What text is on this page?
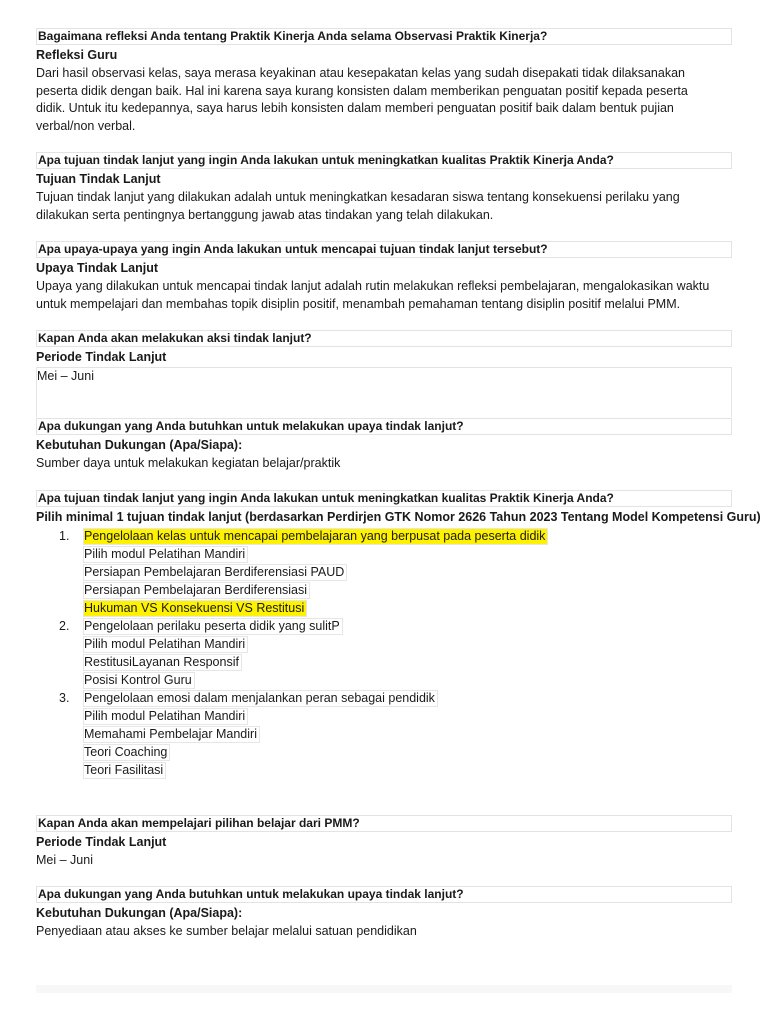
Bagaimana refleksi Anda tentang Praktik Kinerja Anda selama Observasi Praktik Kinerja?
Refleksi Guru
Dari hasil observasi kelas, saya merasa keyakinan atau kesepakatan kelas yang sudah disepakati tidak dilaksanakan
peserta didik dengan baik. Hal ini karena saya kurang konsisten dalam memberikan penguatan positif kepada peserta
didik. Untuk itu kedepannya, saya harus lebih konsisten dalam memberi penguatan positif baik dalam bentuk pujian
verbal/non verbal.
Apa tujuan tindak lanjut yang ingin Anda lakukan untuk meningkatkan kualitas Praktik Kinerja Anda?
Tujuan Tindak Lanjut
Tujuan tindak lanjut yang dilakukan adalah untuk meningkatkan kesadaran siswa tentang konsekuensi perilaku yang
dilakukan serta pentingnya bertanggung jawab atas tindakan yang telah dilakukan.
Apa upaya-upaya yang ingin Anda lakukan untuk mencapai tujuan tindak lanjut tersebut?
Upaya Tindak Lanjut
Upaya yang dilakukan untuk mencapai tindak lanjut adalah rutin melakukan refleksi pembelajaran, mengalokasikan waktu
untuk mempelajari dan membahas topik disiplin positif, menambah pemahaman tentang disiplin positif melalui PMM.
Kapan Anda akan melakukan aksi tindak lanjut?
Periode Tindak Lanjut
Mei – Juni
Apa dukungan yang Anda butuhkan untuk melakukan upaya tindak lanjut?
Kebutuhan Dukungan (Apa/Siapa):
Sumber daya untuk melakukan kegiatan belajar/praktik
Apa tujuan tindak lanjut yang ingin Anda lakukan untuk meningkatkan kualitas Praktik Kinerja Anda?
Pilih minimal 1 tujuan tindak lanjut (berdasarkan Perdirjen GTK Nomor 2626 Tahun 2023 Tentang Model Kompetensi Guru)
1. Pengelolaan kelas untuk mencapai pembelajaran yang berpusat pada peserta didik
Pilih modul Pelatihan Mandiri
Persiapan Pembelajaran Berdiferensiasi PAUD
Persiapan Pembelajaran Berdiferensiasi
Hukuman VS Konsekuensi VS Restitusi
2. Pengelolaan perilaku peserta didik yang sulitP
Pilih modul Pelatihan Mandiri
RestitusiLayanan Responsif
Posisi Kontrol Guru
3. Pengelolaan emosi dalam menjalankan peran sebagai pendidik
Pilih modul Pelatihan Mandiri
Memahami Pembelajar Mandiri
Teori Coaching
Teori Fasilitasi
Kapan Anda akan mempelajari pilihan belajar dari PMM?
Periode Tindak Lanjut
Mei – Juni
Apa dukungan yang Anda butuhkan untuk melakukan upaya tindak lanjut?
Kebutuhan Dukungan (Apa/Siapa):
Penyediaan atau akses ke sumber belajar melalui satuan pendidikan
